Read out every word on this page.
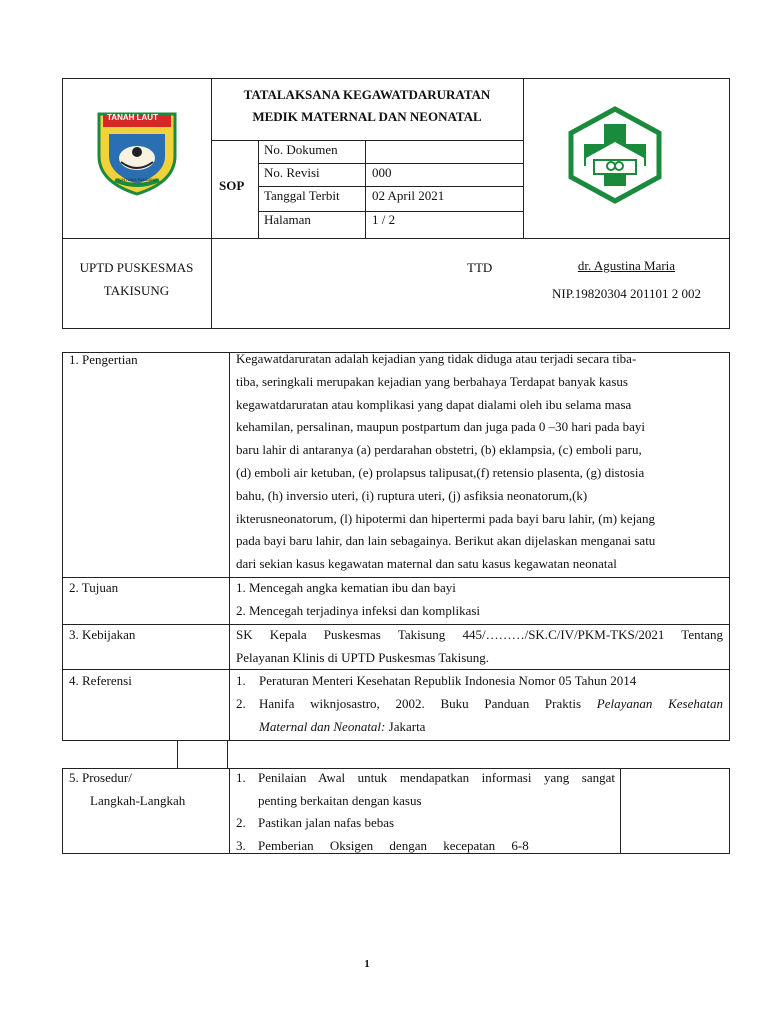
TANAH LAUT
TUNTUNG PANDANG
TATALAKSANA KEGAWATDARURATAN
MEDIK MATERNAL DAN NEONATAL
SOP
No. Dokumen
No. Revisi	000
Tanggal Terbit 02 April 2021
Halaman	1 / 2
UPTD PUSKESMAS
TAKISUNG
TTD	dr. Agustina Maria
NIP.19820304 201101 2 002
1. Pengertian	Kegawatdaruratan adalah kejadian yang tidak diduga atau terjadi secara tiba-
tiba, seringkali merupakan kejadian yang berbahaya Terdapat banyak kasus
kegawatdaruratan atau komplikasi yang dapat dialami oleh ibu selama masa
kehamilan, persalinan, maupun postpartum dan juga pada 0 –30 hari pada bayi
baru lahir di antaranya (a) perdarahan obstetri, (b) eklampsia, (c) emboli paru,
(d) emboli air ketuban, (e) prolapsus talipusat,(f) retensio plasenta, (g) distosia
bahu, (h) inversio uteri, (i) ruptura uteri, (j) asfiksia neonatorum,(k)
ikterusneonatorum, (l) hipotermi dan hipertermi pada bayi baru lahir, (m) kejang
pada bayi baru lahir, dan lain sebagainya. Berikut akan dijelaskan menganai satu
dari sekian kasus kegawatan maternal dan satu kasus kegawatan neonatal
2. Tujuan	1. Mencegah angka kematian ibu dan bayi
2. Mencegah terjadinya infeksi dan komplikasi
3. Kebijakan	SK Kepala Puskesmas Takisung 445/………/SK.C/IV/PKM-TKS/2021 Tentang
Pelayanan Klinis di UPTD Puskesmas Takisung.
4. Referensi	1. Peraturan Menteri Kesehatan Republik Indonesia Nomor 05 Tahun 2014
2. Hanifa wiknjosastro, 2002. Buku Panduan Praktis Pelayanan Kesehatan
Maternal dan Neonatal: Jakarta
5. Prosedur/
Langkah-Langkah
1. Penilaian Awal untuk mendapatkan informasi yang sangat
penting berkaitan dengan kasus
2. Pastikan jalan nafas bebas
3. Pemberian     Oksigen     dengan     kecepatan     6-8
1
